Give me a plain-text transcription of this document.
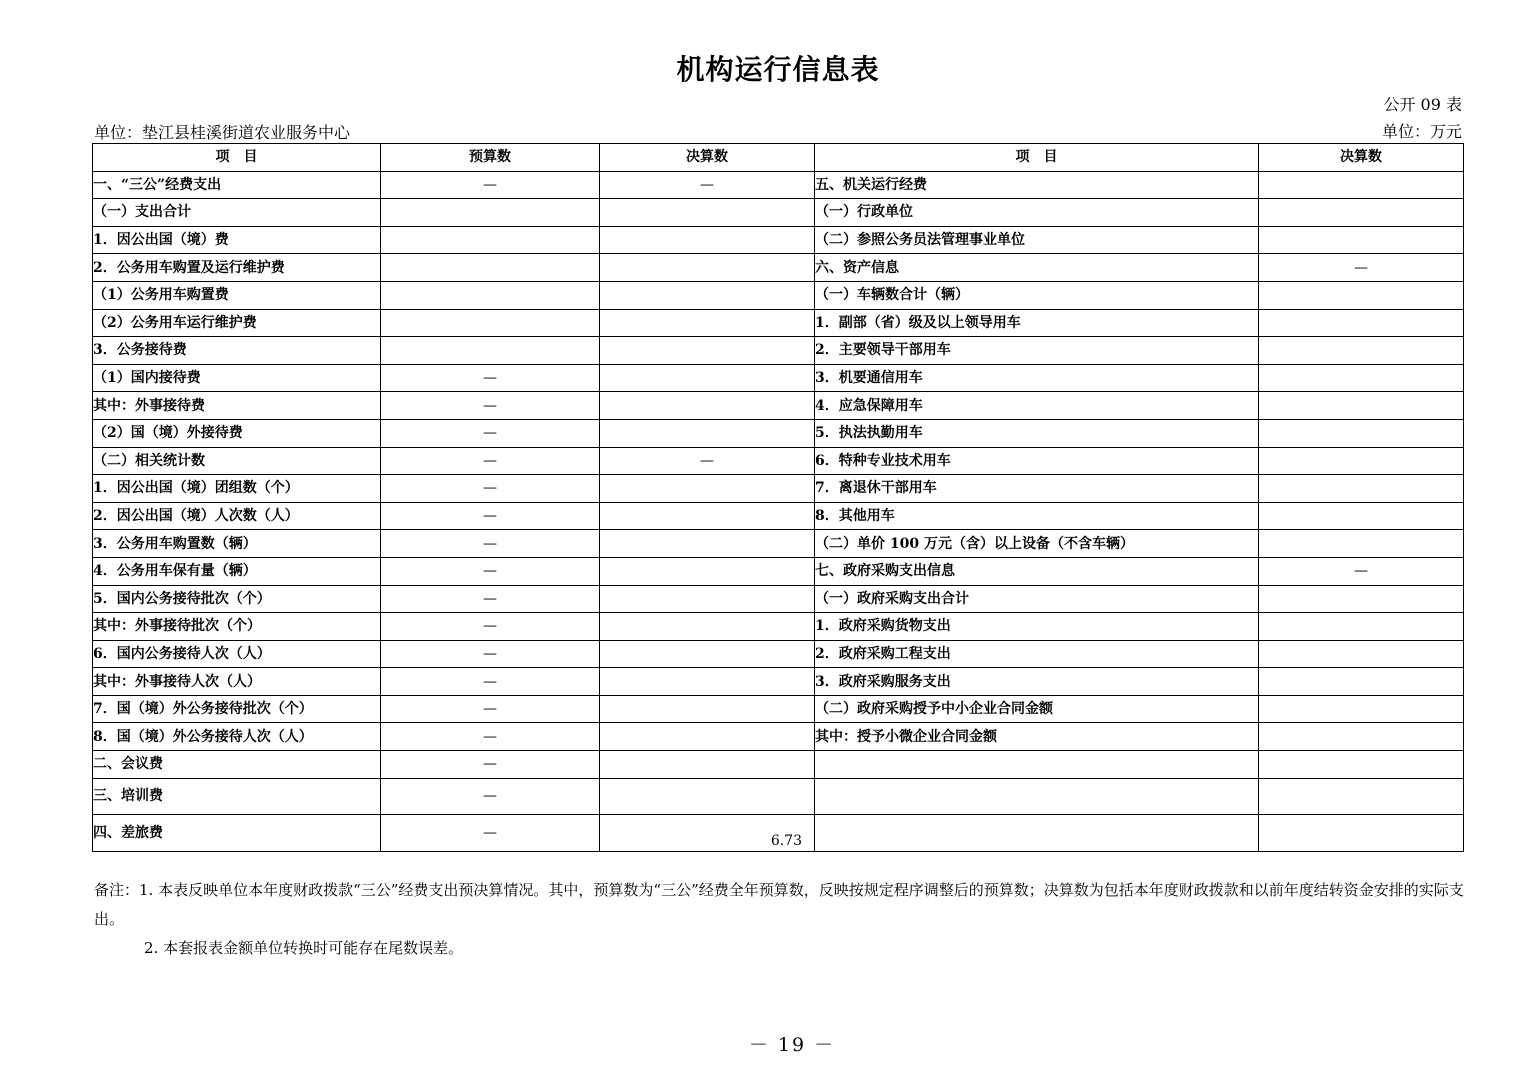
机构运行信息表
公开 09 表
单位：垫江县桂溪街道农业服务中心	单位：万元
项　目	预算数	决算数	项　目	决算数
一、“三公”经费支出	—	—	五、机关运行经费	
（一）支出合计			（一）行政单位	
1．因公出国（境）费			（二）参照公务员法管理事业单位	
2．公务用车购置及运行维护费			六、资产信息	—
（1）公务用车购置费			（一）车辆数合计（辆）	
（2）公务用车运行维护费			1．副部（省）级及以上领导用车	
3．公务接待费			2．主要领导干部用车	
（1）国内接待费	—		3．机要通信用车	
其中：外事接待费	—		4．应急保障用车	
（2）国（境）外接待费	—		5．执法执勤用车	
（二）相关统计数	—	—	6．特种专业技术用车	
1．因公出国（境）团组数（个）	—		7．离退休干部用车	
2．因公出国（境）人次数（人）	—		8．其他用车	
3．公务用车购置数（辆）	—		（二）单价 100 万元（含）以上设备（不含车辆）	
4．公务用车保有量（辆）	—		七、政府采购支出信息	—
5．国内公务接待批次（个）	—		（一）政府采购支出合计	
其中：外事接待批次（个）	—		1．政府采购货物支出	
6．国内公务接待人次（人）	—		2．政府采购工程支出	
其中：外事接待人次（人）	—		3．政府采购服务支出	
7．国（境）外公务接待批次（个）	—		（二）政府采购授予中小企业合同金额	
8．国（境）外公务接待人次（人）	—		其中：授予小微企业合同金额	
二、会议费	—			
三、培训费	—			
四、差旅费	—	6.73		
备注：1. 本表反映单位本年度财政拨款“三公”经费支出预决算情况。其中，预算数为“三公”经费全年预算数，反映按规定程序调整后的预算数；决算数为包括本年度财政拨款和以前年度结转资金安排的实际支出。
2. 本套报表金额单位转换时可能存在尾数误差。
－ 19 －
